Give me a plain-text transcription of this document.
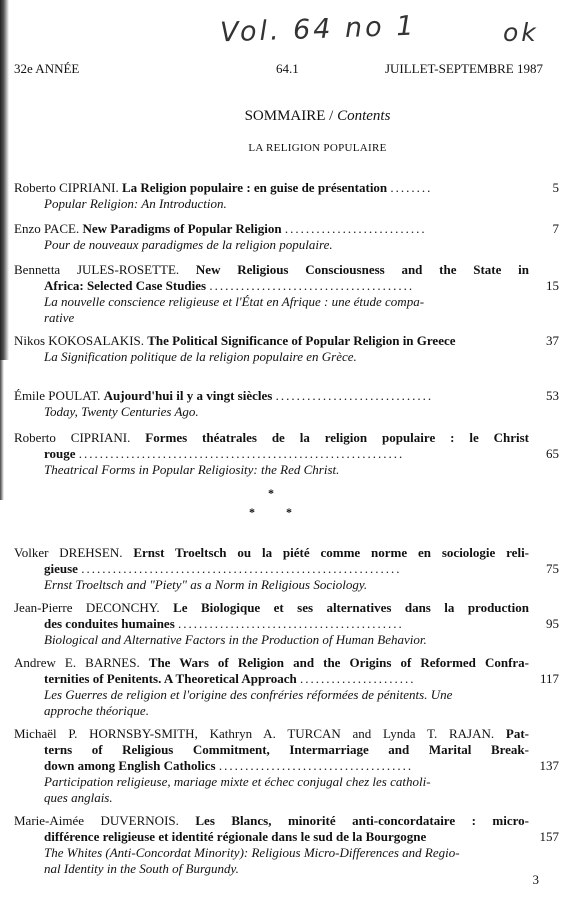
Vol. 64 no 1	ok
32e ANNÉE	64.1	JUILLET-SEPTEMBRE 1987
SOMMAIRE / Contents
LA RELIGION POPULAIRE
Roberto CIPRIANI. La Religion populaire : en guise de présentation ........
Popular Religion: An Introduction.
5
Enzo PACE. New Paradigms of Popular Religion ...........................
Pour de nouveaux paradigmes de la religion populaire.
7
Bennetta JULES-ROSETTE. New Religious Consciousness and the State in
Africa: Selected Case Studies .......................................
La nouvelle conscience religieuse et l'État en Afrique : une étude compa-
rative
15
Nikos KOKOSALAKIS. The Political Significance of Popular Religion in Greece
La Signification politique de la religion populaire en Grèce.
37
Émile POULAT. Aujourd'hui il y a vingt siècles ..............................
Today, Twenty Centuries Ago.
53
Roberto CIPRIANI. Formes théatrales de la religion populaire : le Christ
rouge ..............................................................
Theatrical Forms in Popular Religiosity: the Red Christ.
65
*
*	*
Volker DREHSEN. Ernst Troeltsch ou la piété comme norme en sociologie reli-
gieuse .............................................................
Ernst Troeltsch and "Piety" as a Norm in Religious Sociology.
75
Jean-Pierre DECONCHY. Le Biologique et ses alternatives dans la production
des conduites humaines ...........................................
Biological and Alternative Factors in the Production of Human Behavior.
95
Andrew E. BARNES. The Wars of Religion and the Origins of Reformed Confra-
ternities of Penitents. A Theoretical Approach ......................
Les Guerres de religion et l'origine des confréries réformées de pénitents. Une
approche théorique.
117
Michaël P. HORNSBY-SMITH, Kathryn A. TURCAN and Lynda T. RAJAN. Pat-
terns of Religious Commitment, Intermarriage and Marital Break-
down among English Catholics .....................................
Participation religieuse, mariage mixte et échec conjugal chez les catholi-
ques anglais.
137
Marie-Aimée DUVERNOIS. Les Blancs, minorité anti-concordataire : micro-
différence religieuse et identité régionale dans le sud de la Bourgogne
The Whites (Anti-Concordat Minority): Religious Micro-Differences and Regio-
nal Identity in the South of Burgundy.
157
3
